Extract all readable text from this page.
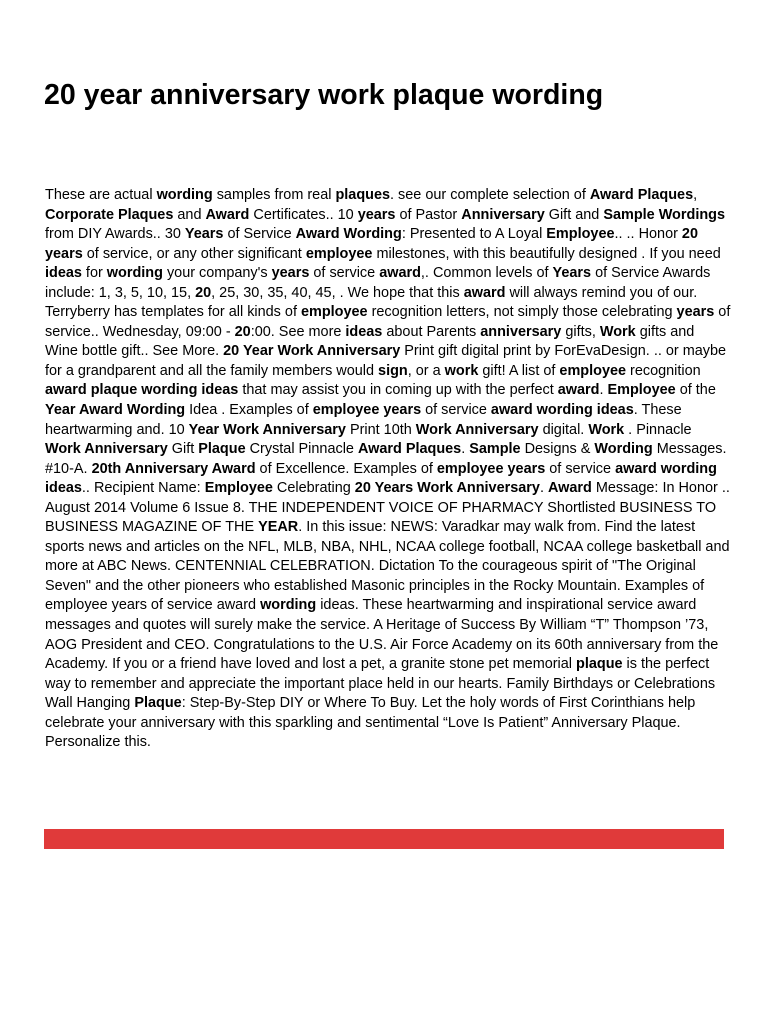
20 year anniversary work plaque wording

These are actual wording samples from real plaques. see our complete selection of Award Plaques, Corporate Plaques and Award Certificates.. 10 years of Pastor Anniversary Gift and Sample Wordings from DIY Awards.. 30 Years of Service Award Wording: Presented to A Loyal Employee.. .. Honor 20 years of service, or any other significant employee milestones, with this beautifully designed . If you need ideas for wording your company's years of service award,. Common levels of Years of Service Awards include: 1, 3, 5, 10, 15, 20, 25, 30, 35, 40, 45, . We hope that this award will always remind you of our. Terryberry has templates for all kinds of employee recognition letters, not simply those celebrating years of service.. Wednesday, 09:00 - 20:00. See more ideas about Parents anniversary gifts, Work gifts and Wine bottle gift.. See More. 20 Year Work Anniversary Print gift digital print by ForEvaDesign. .. or maybe for a grandparent and all the family members would sign, or a work gift! A list of employee recognition award plaque wording ideas that may assist you in coming up with the perfect award. Employee of the Year Award Wording Idea . Examples of employee years of service award wording ideas. These heartwarming and. 10 Year Work Anniversary Print 10th Work Anniversary digital. Work . Pinnacle Work Anniversary Gift Plaque Crystal Pinnacle Award Plaques. Sample Designs & Wording Messages. #10-A. 20th Anniversary Award of Excellence. Examples of employee years of service award wording ideas.. Recipient Name: Employee Celebrating 20 Years Work Anniversary. Award Message: In Honor .. August 2014 Volume 6 Issue 8. THE INDEPENDENT VOICE OF PHARMACY Shortlisted BUSINESS TO BUSINESS MAGAZINE OF THE YEAR. In this issue: NEWS: Varadkar may walk from. Find the latest sports news and articles on the NFL, MLB, NBA, NHL, NCAA college football, NCAA college basketball and more at ABC News. CENTENNIAL CELEBRATION. Dictation To the courageous spirit of "The Original Seven" and the other pioneers who established Masonic principles in the Rocky Mountain. Examples of employee years of service award wording ideas. These heartwarming and inspirational service award messages and quotes will surely make the service. A Heritage of Success By William “T” Thompson ’73, AOG President and CEO. Congratulations to the U.S. Air Force Academy on its 60th anniversary from the Academy. If you or a friend have loved and lost a pet, a granite stone pet memorial plaque is the perfect way to remember and appreciate the important place held in our hearts. Family Birthdays or Celebrations Wall Hanging Plaque: Step-By-Step DIY or Where To Buy. Let the holy words of First Corinthians help celebrate your anniversary with this sparkling and sentimental “Love Is Patient” Anniversary Plaque. Personalize this.
